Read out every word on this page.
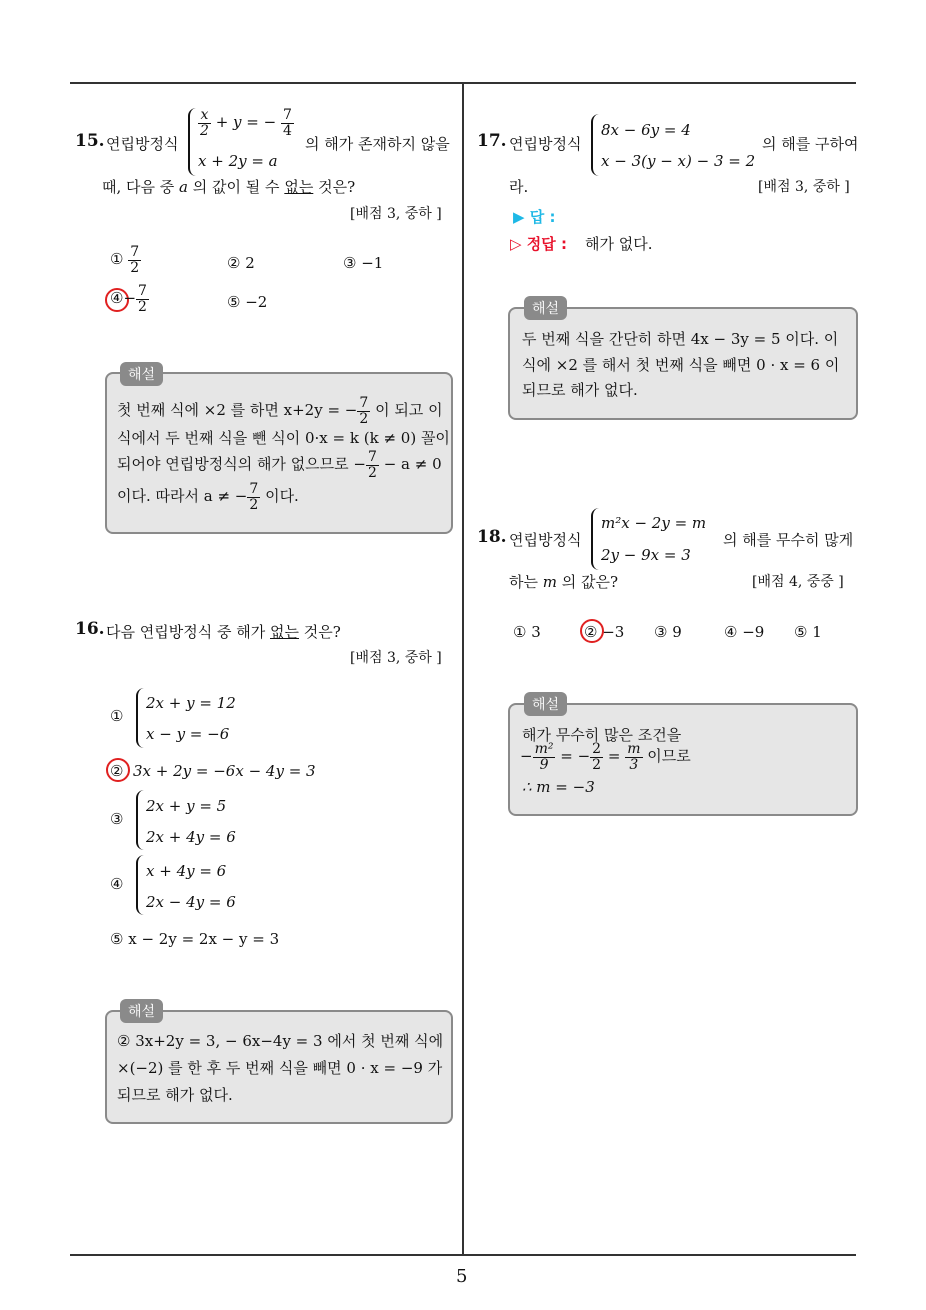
5
15. 연립방정식
$\frac{x}{2} + y$ = − $\frac{7}{4}$
x + 2y = a
의 해가 존재하지 않을
때, 다음 중 a 의 값이 될 수 없는 것은?
[배점 3, 중하 ]
① $\frac{7}{2}$	② 2	③ −1
④− $\frac{7}{2}$	⑤ −2
해설
첫 번째 식에 ×2 를 하면 x+2y = − $\frac{7}{2}$ 이 되고 이
식에서 두 번째 식을 뺀 식이 0·x = k (k ≠ 0) 꼴이
되어야 연립방정식의 해가 없으므로 − $\frac{7}{2} - a \ne 0$
이다. 따라서 a ≠ − $\frac{7}{2}$ 이다.
16. 다음 연립방정식 중 해가 없는 것은?
[배점 3, 중하 ]
①
2x + y = 12
x − y = −6
② 3x + 2y = −6x − 4y = 3
③
2x + y = 5
2x + 4y = 6
④
x + 4y = 6
2x − 4y = 6
⑤ x − 2y = 2x − y = 3
해설
② 3x+2y = 3, − 6x−4y = 3 에서 첫 번째 식에
×(−2) 를 한 후 두 번째 식을 빼면 0 · x = −9 가
되므로 해가 없다.
17. 연립방정식
8x − 6y = 4
x − 3(y − x) − 3 = 2
의 해를 구하여
라.	[배점 3, 중하 ]
▶ 답 :
▷ 정답 : 해가 없다.
해설
두 번째 식을 간단히 하면 4x − 3y = 5 이다. 이
식에 ×2 를 해서 첫 번째 식을 빼면 0 · x = 6 이
되므로 해가 없다.
18. 연립방정식
m²x − 2y = m
2y − 9x = 3
의 해를 무수히 많게
하는 m 의 값은?	[배점 4, 중중 ]
① 3	② −3 ③ 9	④ −9 ⑤ 1
해설
해가 무수히 많은 조건을
− $\frac{\text{m²}}{9}$ = − $\frac{2}{2} = \frac{m}{3}$ 이므로
∴ m = −3
